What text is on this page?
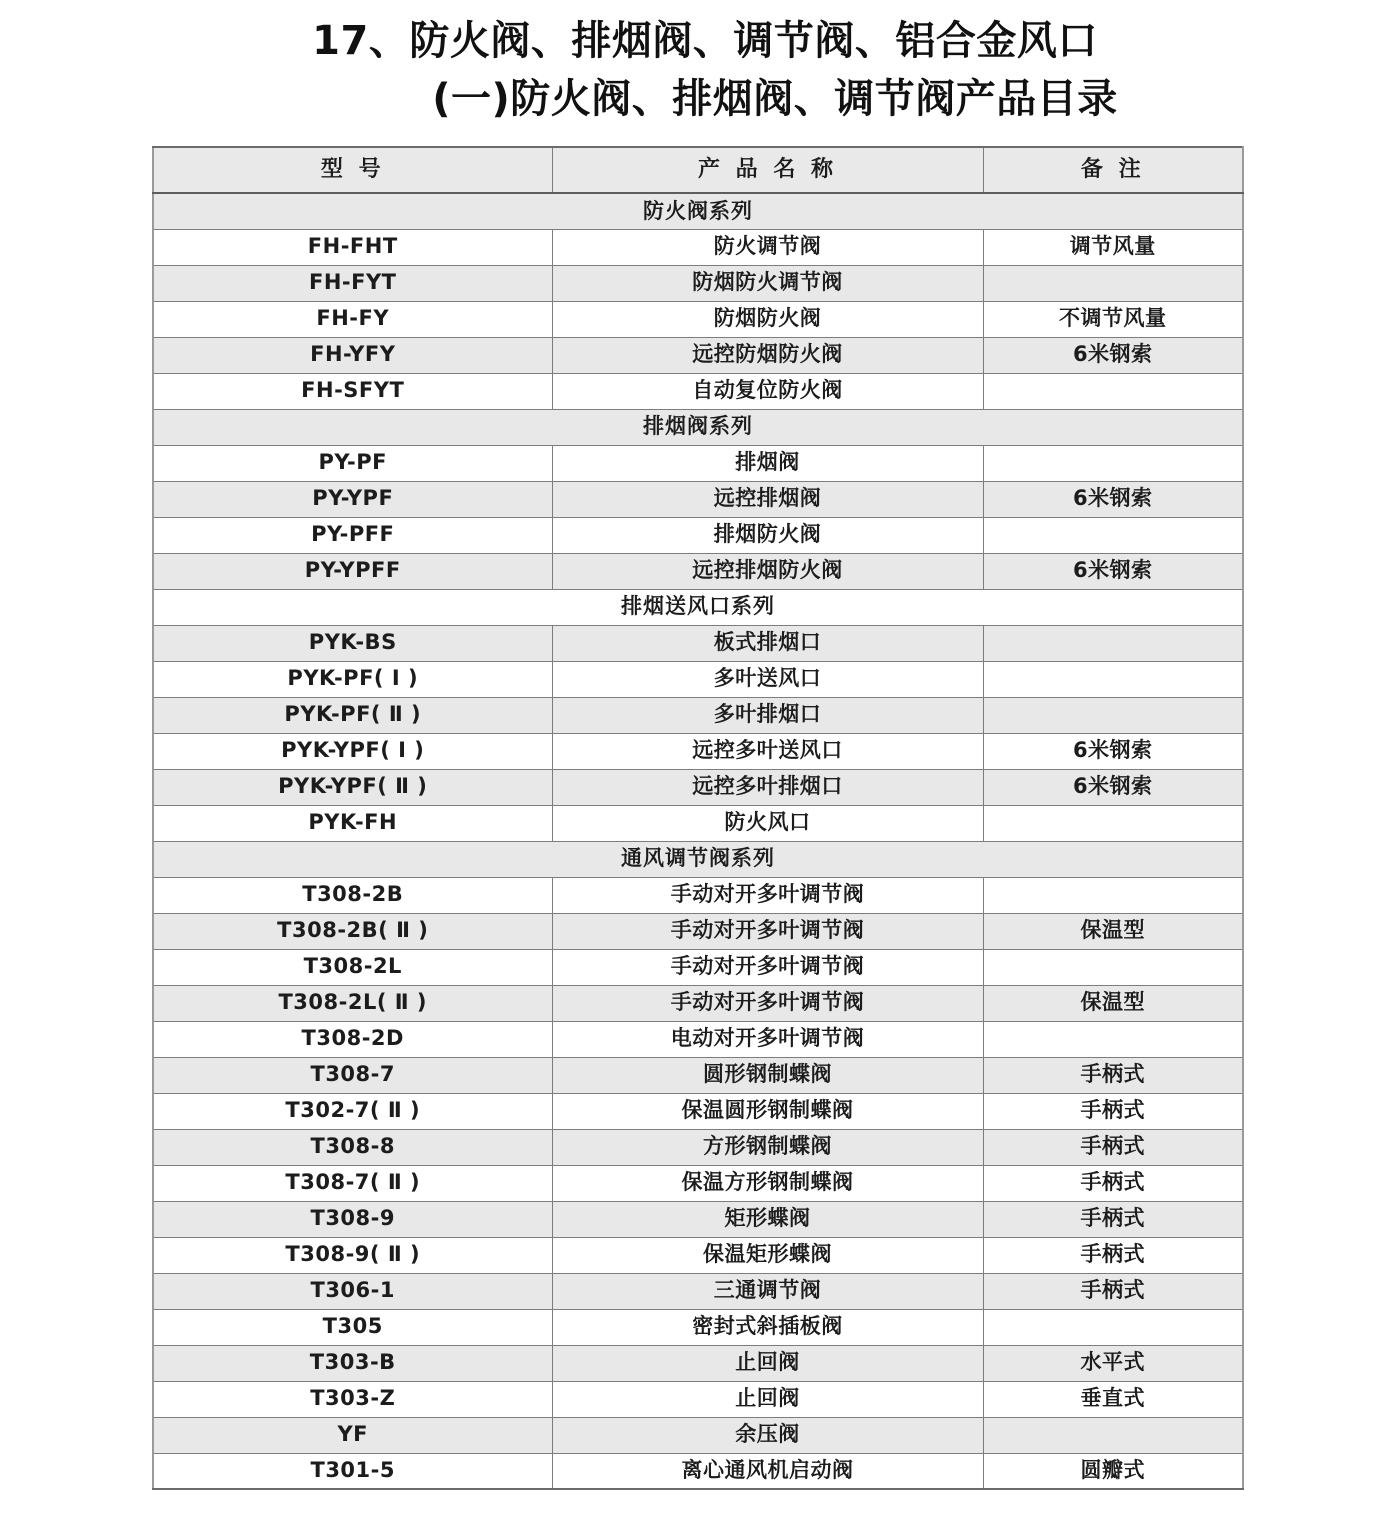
17、防火阀、排烟阀、调节阀、铝合金风口
(一)防火阀、排烟阀、调节阀产品目录
型 号	产 品 名 称	备 注
防火阀系列		
FH-FHT	防火调节阀	调节风量
FH-FYT	防烟防火调节阀	
FH-FY	防烟防火阀	不调节风量
FH-YFY	远控防烟防火阀	6米钢索
FH-SFYT	自动复位防火阀	
排烟阀系列		
PY-PF	排烟阀	
PY-YPF	远控排烟阀	6米钢索
PY-PFF	排烟防火阀	
PY-YPFF	远控排烟防火阀	6米钢索
排烟送风口系列		
PYK-BS	板式排烟口	
PYK-PF( Ⅰ )	多叶送风口	
PYK-PF( Ⅱ )	多叶排烟口	
PYK-YPF( Ⅰ )	远控多叶送风口	6米钢索
PYK-YPF( Ⅱ )	远控多叶排烟口	6米钢索
PYK-FH	防火风口	
通风调节阀系列		
T308-2B	手动对开多叶调节阀	
T308-2B( Ⅱ )	手动对开多叶调节阀	保温型
T308-2L	手动对开多叶调节阀	
T308-2L( Ⅱ )	手动对开多叶调节阀	保温型
T308-2D	电动对开多叶调节阀	
T308-7	圆形钢制蝶阀	手柄式
T302-7( Ⅱ )	保温圆形钢制蝶阀	手柄式
T308-8	方形钢制蝶阀	手柄式
T308-7( Ⅱ )	保温方形钢制蝶阀	手柄式
T308-9	矩形蝶阀	手柄式
T308-9( Ⅱ )	保温矩形蝶阀	手柄式
T306-1	三通调节阀	手柄式
T305	密封式斜插板阀	
T303-B	止回阀	水平式
T303-Z	止回阀	垂直式
YF	余压阀	
T301-5	离心通风机启动阀	圆瓣式
